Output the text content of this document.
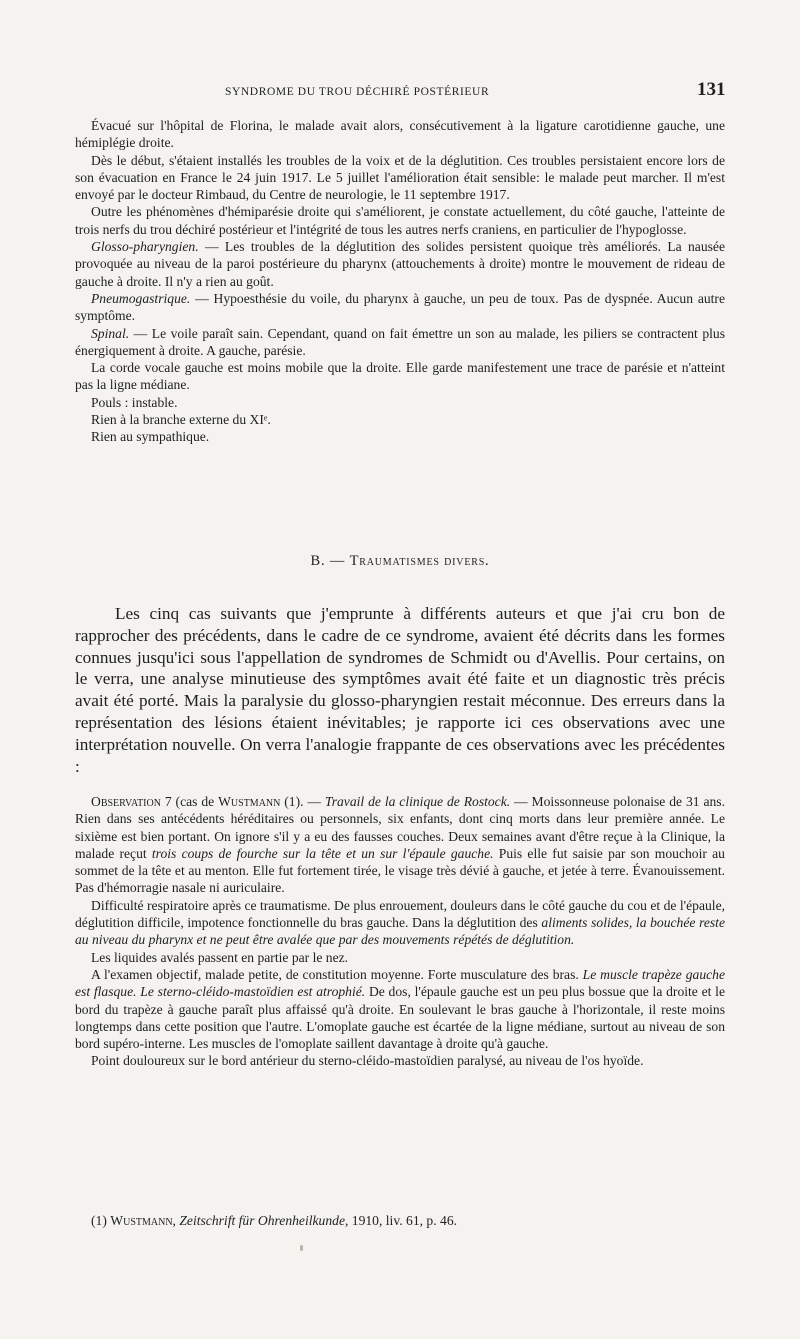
SYNDROME DU TROU DÉCHIRÉ POSTÉRIEUR	131

Évacué sur l'hôpital de Florina, le malade avait alors, consécutivement à la ligature carotidienne gauche, une hémiplégie droite.

Dès le début, s'étaient installés les troubles de la voix et de la déglutition. Ces troubles persistaient encore lors de son évacuation en France le 24 juin 1917. Le 5 juillet l'amélioration était sensible: le malade peut marcher. Il m'est envoyé par le docteur Rimbaud, du Centre de neurologie, le 11 septembre 1917.

Outre les phénomènes d'hémiparésie droite qui s'améliorent, je constate actuellement, du côté gauche, l'atteinte de trois nerfs du trou déchiré postérieur et l'intégrité de tous les autres nerfs craniens, en particulier de l'hypoglosse.

Glosso-pharyngien. — Les troubles de la déglutition des solides persistent quoique très améliorés. La nausée provoquée au niveau de la paroi postérieure du pharynx (attouchements à droite) montre le mouvement de rideau de gauche à droite. Il n'y a rien au goût.

Pneumogastrique. — Hypoesthésie du voile, du pharynx à gauche, un peu de toux. Pas de dyspnée. Aucun autre symptôme.

Spinal. — Le voile paraît sain. Cependant, quand on fait émettre un son au malade, les piliers se contractent plus énergiquement à droite. A gauche, parésie.

La corde vocale gauche est moins mobile que la droite. Elle garde manifestement une trace de parésie et n'atteint pas la ligne médiane.

Pouls : instable.

Rien à la branche externe du XIᵉ.

Rien au sympathique.

B. — Traumatismes divers.

Les cinq cas suivants que j'emprunte à différents auteurs et que j'ai cru bon de rapprocher des précédents, dans le cadre de ce syndrome, avaient été décrits dans les formes connues jusqu'ici sous l'appellation de syndromes de Schmidt ou d'Avellis. Pour certains, on le verra, une analyse minutieuse des symptômes avait été faite et un diagnostic très précis avait été porté. Mais la paralysie du glosso-pharyngien restait méconnue. Des erreurs dans la représentation des lésions étaient inévitables; je rapporte ici ces observations avec une interprétation nouvelle. On verra l'analogie frappante de ces observations avec les précédentes :

Observation 7 (cas de Wustmann (1). — Travail de la clinique de Rostock. — Moissonneuse polonaise de 31 ans. Rien dans ses antécédents héréditaires ou personnels, six enfants, dont cinq morts dans leur première année. Le sixième est bien portant. On ignore s'il y a eu des fausses couches. Deux semaines avant d'être reçue à la Clinique, la malade reçut trois coups de fourche sur la tête et un sur l'épaule gauche. Puis elle fut saisie par son mouchoir au sommet de la tête et au menton. Elle fut fortement tirée, le visage très dévié à gauche, et jetée à terre. Évanouissement. Pas d'hémorragie nasale ni auriculaire.

Difficulté respiratoire après ce traumatisme. De plus enrouement, douleurs dans le côté gauche du cou et de l'épaule, déglutition difficile, impotence fonctionnelle du bras gauche. Dans la déglutition des aliments solides, la bouchée reste au niveau du pharynx et ne peut être avalée que par des mouvements répétés de déglutition.

Les liquides avalés passent en partie par le nez.

A l'examen objectif, malade petite, de constitution moyenne. Forte musculature des bras. Le muscle trapèze gauche est flasque. Le sterno-cléido-mastoïdien est atrophié. De dos, l'épaule gauche est un peu plus bossue que la droite et le bord du trapèze à gauche paraît plus affaissé qu'à droite. En soulevant le bras gauche à l'horizontale, il reste moins longtemps dans cette position que l'autre. L'omoplate gauche est écartée de la ligne médiane, surtout au niveau de son bord supéro-interne. Les muscles de l'omoplate saillent davantage à droite qu'à gauche.

Point douloureux sur le bord antérieur du sterno-cléido-mastoïdien paralysé, au niveau de l'os hyoïde.

(1) Wustmann, Zeitschrift für Ohrenheilkunde, 1910, liv. 61, p. 46.
